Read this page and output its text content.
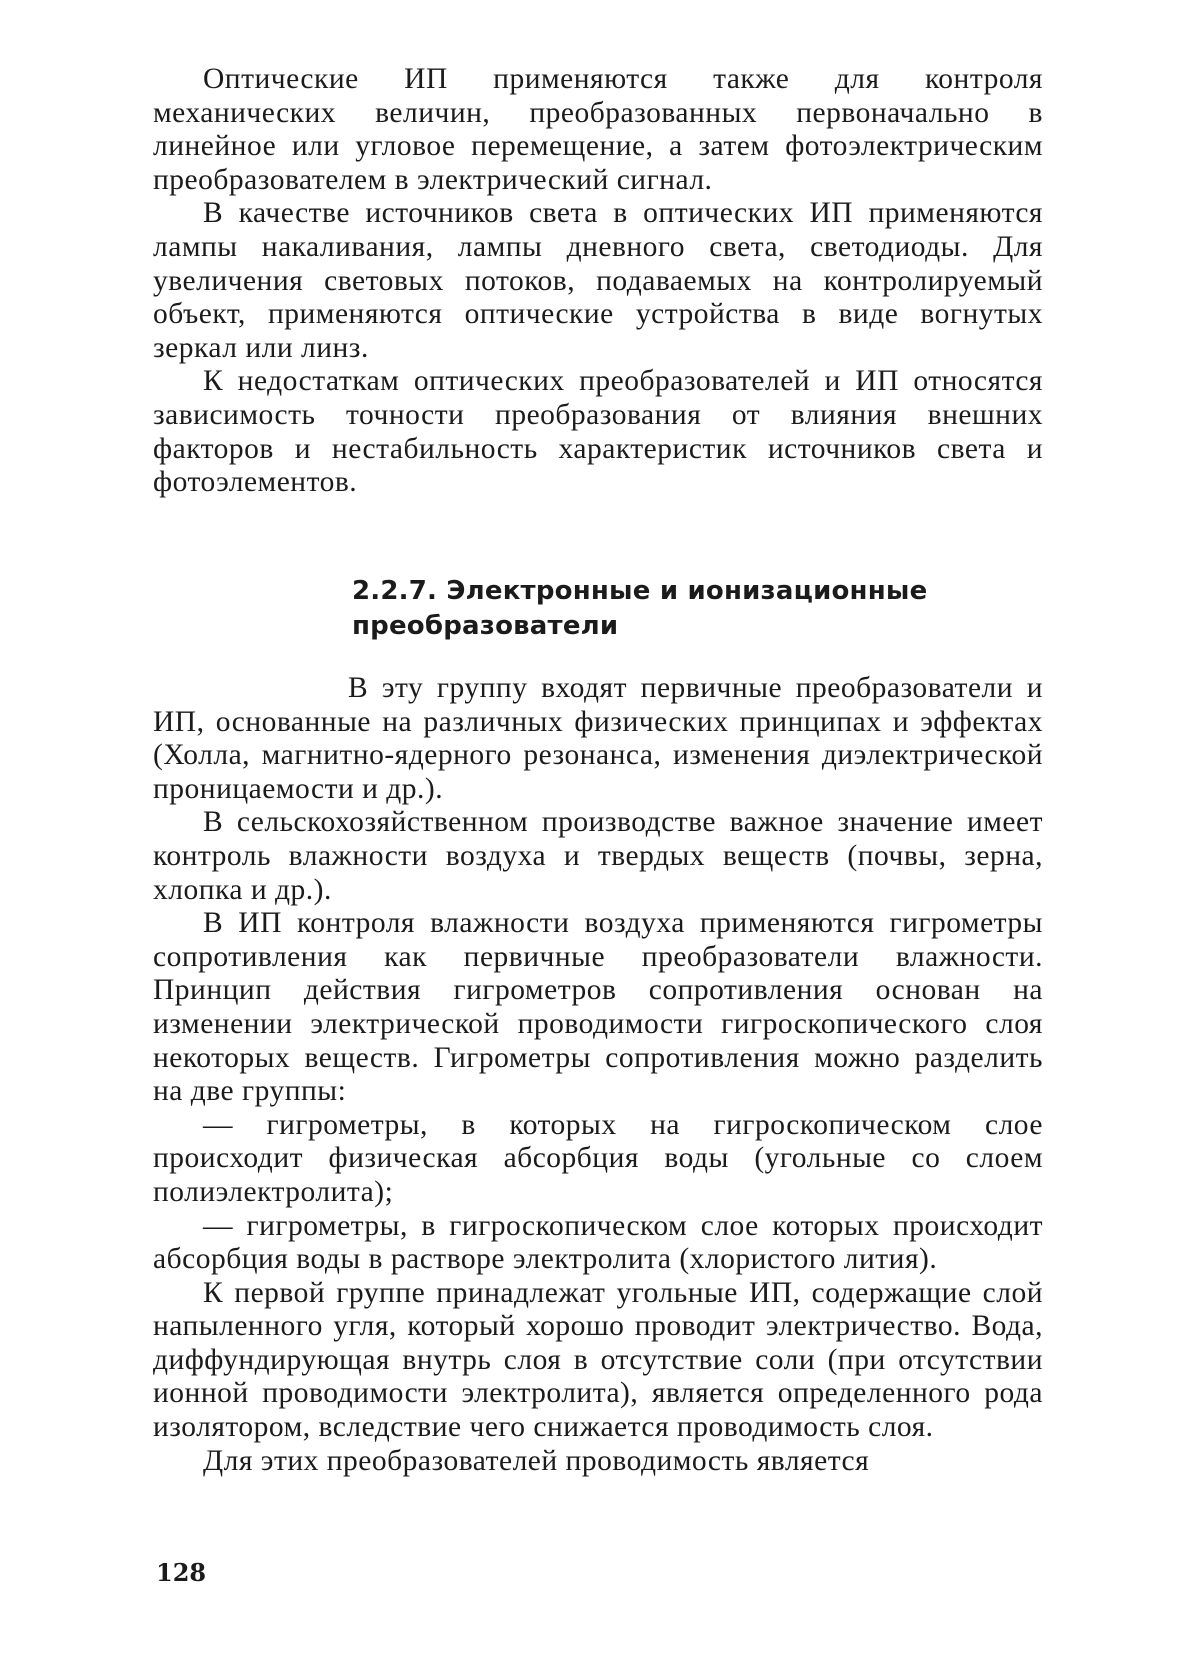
Оптические ИП применяются также для контроля механических величин, преобразованных первоначально в линейное или угловое перемещение, а затем фотоэлектрическим преобразователем в электрический сигнал.

В качестве источников света в оптических ИП применяются лампы накаливания, лампы дневного света, светодиоды. Для увеличения световых потоков, подаваемых на контролируемый объект, применяются оптические устройства в виде вогнутых зеркал или линз.

К недостаткам оптических преобразователей и ИП относятся зависимость точности преобразования от влияния внешних факторов и нестабильность характеристик источников света и фотоэлементов.

2.2.7. Электронные и ионизационные преобразователи

В эту группу входят первичные преобразователи и ИП, основанные на различных физических принципах и эффектах (Холла, магнитно-ядерного резонанса, изменения диэлектрической проницаемости и др.).

В сельскохозяйственном производстве важное значение имеет контроль влажности воздуха и твердых веществ (почвы, зерна, хлопка и др.).

В ИП контроля влажности воздуха применяются гигрометры сопротивления как первичные преобразователи влажности. Принцип действия гигрометров сопротивления основан на изменении электрической проводимости гигроскопического слоя некоторых веществ. Гигрометры сопротивления можно разделить на две группы:

— гигрометры, в которых на гигроскопическом слое происходит физическая абсорбция воды (угольные со слоем полиэлектролита);

— гигрометры, в гигроскопическом слое которых происходит абсорбция воды в растворе электролита (хлористого лития).

К первой группе принадлежат угольные ИП, содержащие слой напыленного угля, который хорошо проводит электричество. Вода, диффундирующая внутрь слоя в отсутствие соли (при отсутствии ионной проводимости электролита), является определенного рода изолятором, вследствие чего снижается проводимость слоя.

Для этих преобразователей проводимость является

128
